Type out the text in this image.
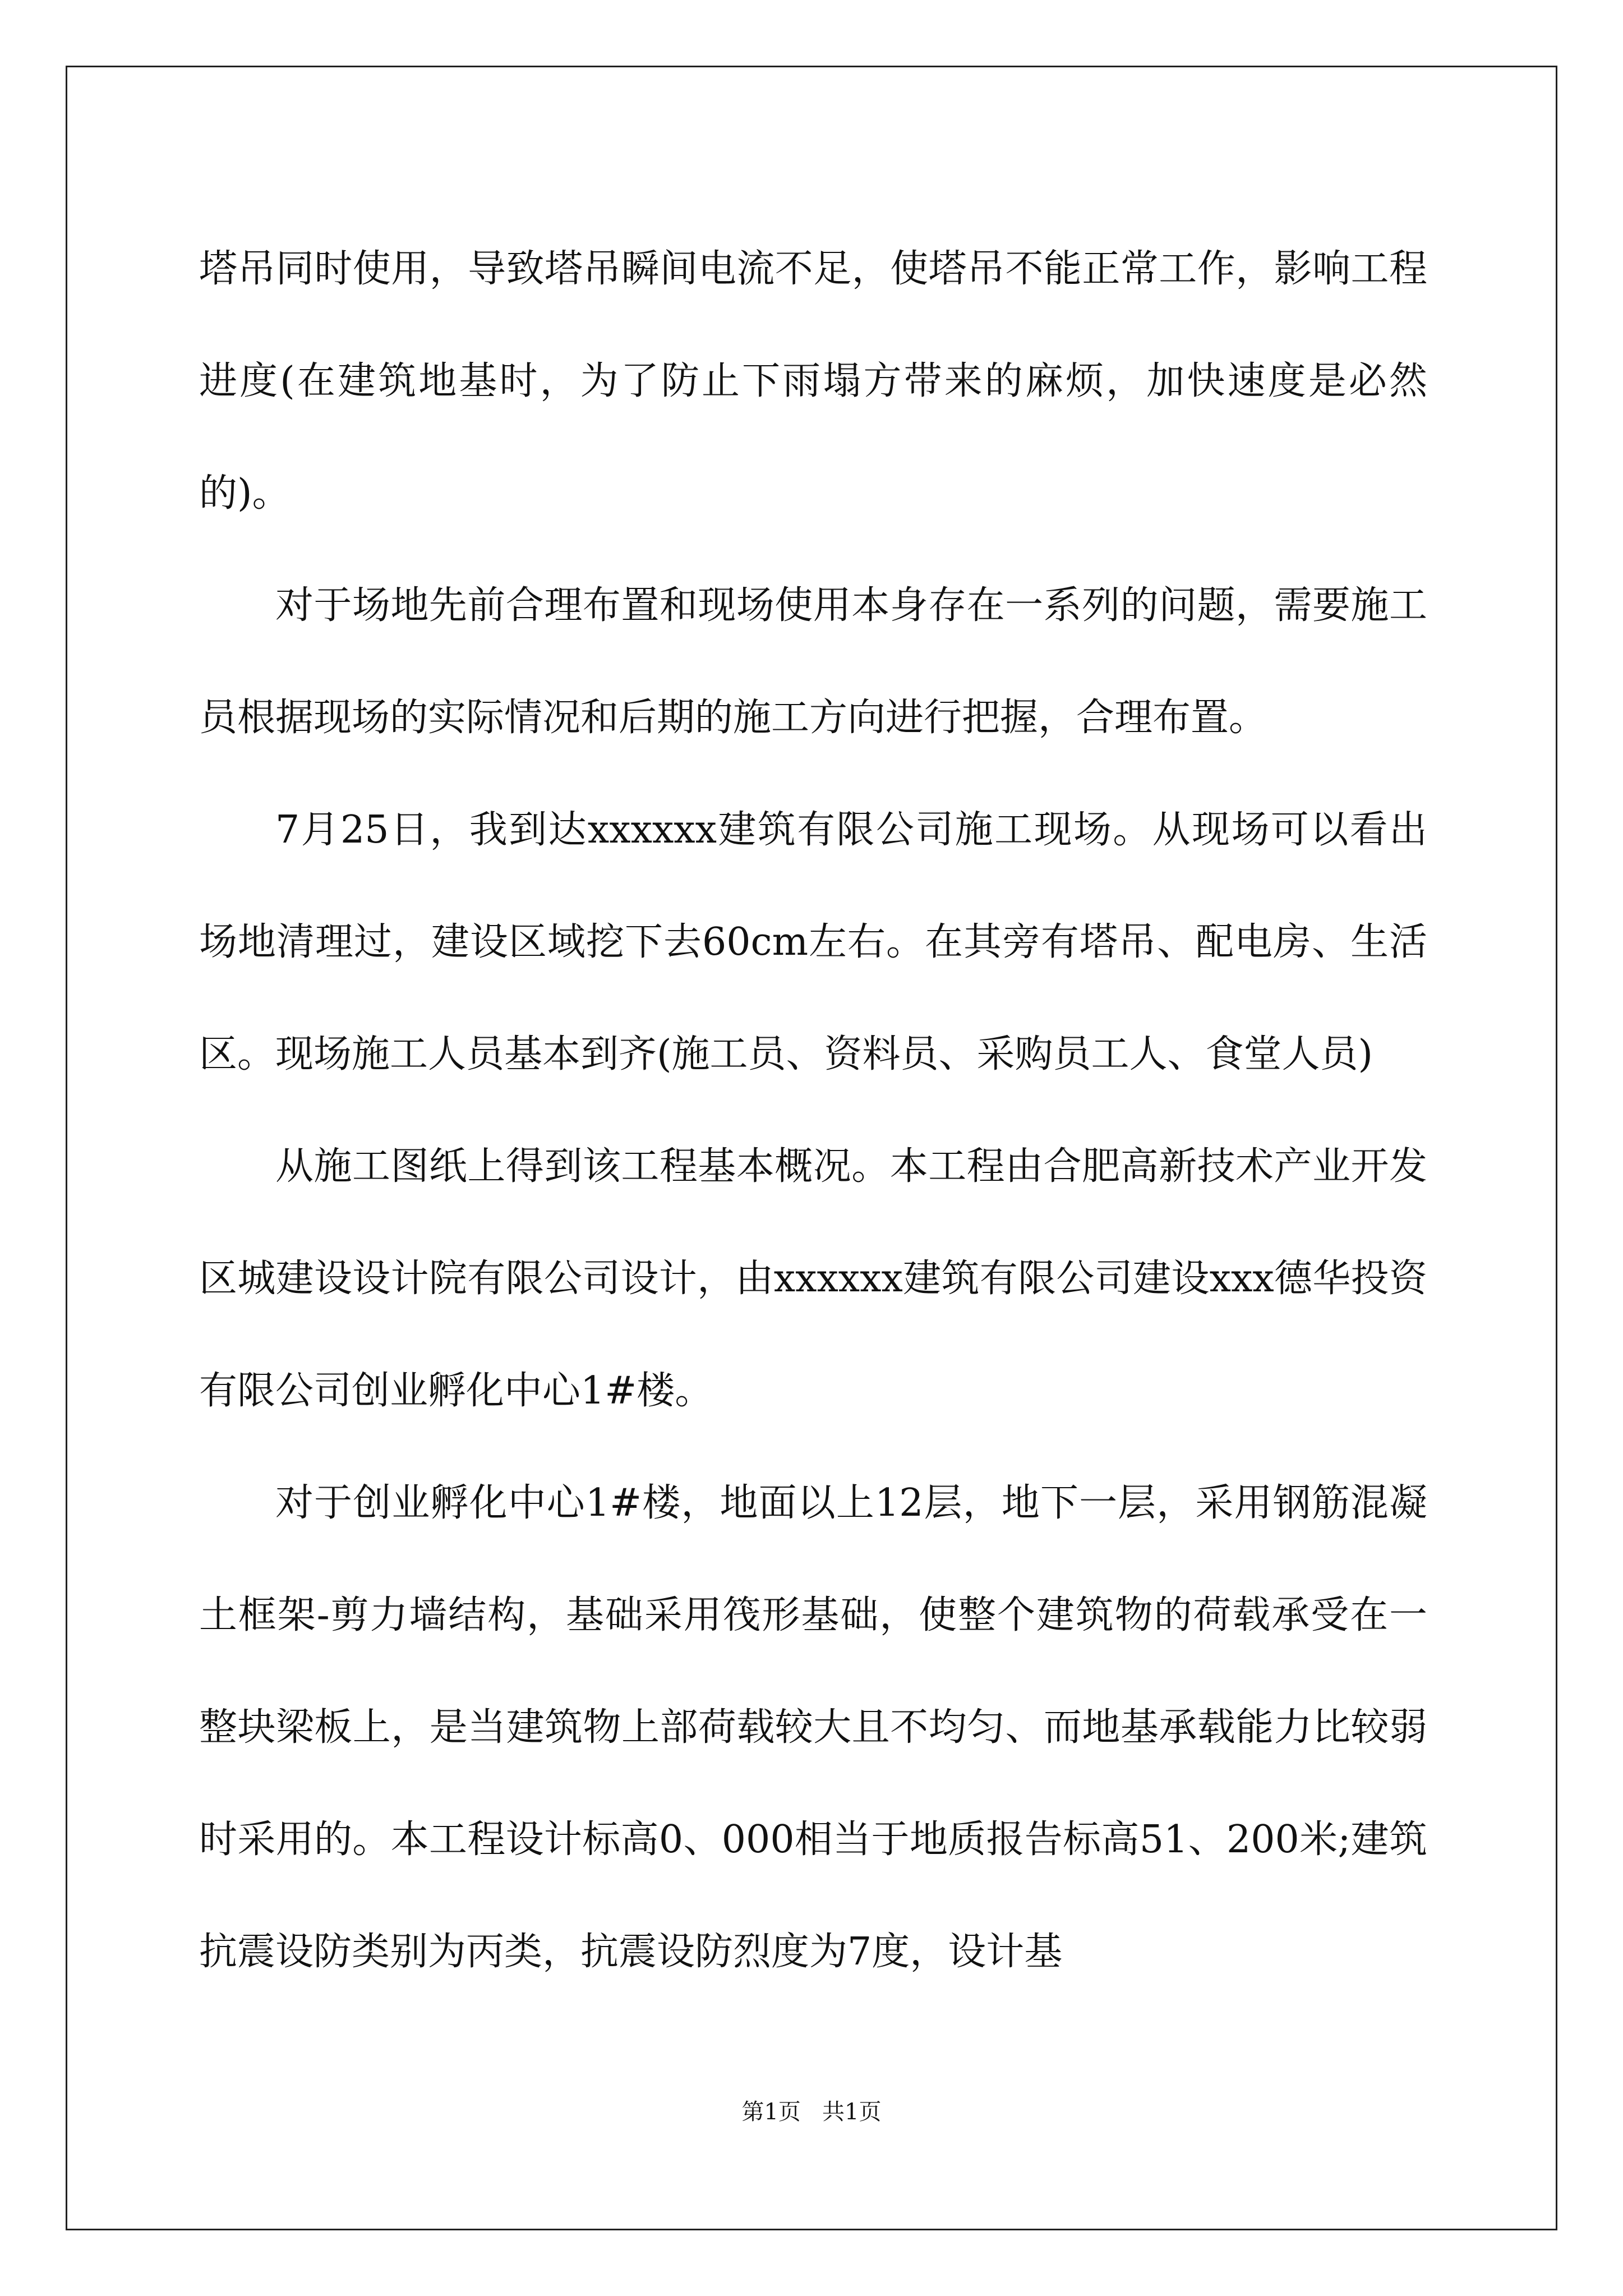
塔吊同时使用，导致塔吊瞬间电流不足，使塔吊不能正常工作，影响工程进度(在建筑地基时，为了防止下雨塌方带来的麻烦，加快速度是必然的)。

对于场地先前合理布置和现场使用本身存在一系列的问题，需要施工员根据现场的实际情况和后期的施工方向进行把握，合理布置。

7月25日，我到达xxxxxx建筑有限公司施工现场。从现场可以看出场地清理过，建设区域挖下去60cm左右。在其旁有塔吊、配电房、生活区。现场施工人员基本到齐(施工员、资料员、采购员工人、食堂人员)

从施工图纸上得到该工程基本概况。本工程由合肥高新技术产业开发区城建设设计院有限公司设计，由xxxxxx建筑有限公司建设xxx德华投资有限公司创业孵化中心1#楼。

对于创业孵化中心1#楼，地面以上12层，地下一层，采用钢筋混凝土框架-剪力墙结构，基础采用筏形基础，使整个建筑物的荷载承受在一整块梁板上，是当建筑物上部荷载较大且不均匀、而地基承载能力比较弱时采用的。本工程设计标高0、000相当于地质报告标高51、200米;建筑抗震设防类别为丙类，抗震设防烈度为7度，设计基

第1页   共1页
